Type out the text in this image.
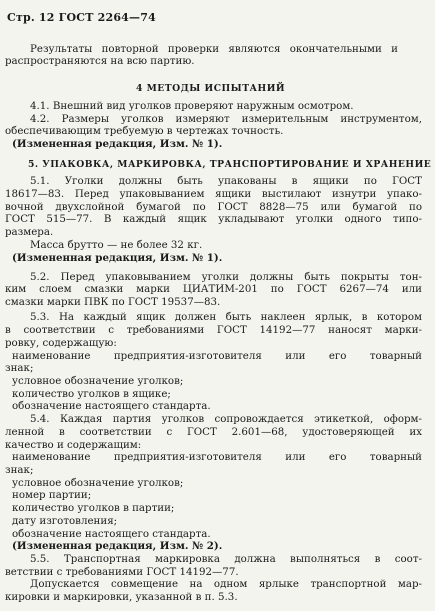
Стр. 12 ГОСТ 2264—74
Результаты повторной проверки являются окончательными и
распространяются на всю партию.
4 МЕТОДЫ ИСПЫТАНИЙ
4.1. Внешний вид уголков проверяют наружным осмотром.
4.2. Размеры уголков измеряют измерительным инструментом,
обеспечивающим требуемую в чертежах точность.
(Измененная редакция, Изм. № 1).
5. УПАКОВКА, МАРКИРОВКА, ТРАНСПОРТИРОВАНИЕ И ХРАНЕНИЕ
5.1. Уголки должны быть упакованы в ящики по ГОСТ
18617—83. Перед упаковыванием ящики выстилают изнутри упако-
вочной двухслойной бумагой по ГОСТ 8828—75 или бумагой по
ГОСТ 515—77. В каждый ящик укладывают уголки одного типо-
размера.
Масса брутто — не более 32 кг.
(Измененная редакция, Изм. № 1).
5.2. Перед упаковыванием уголки должны быть покрыты тон-
ким слоем смазки марки ЦИАТИМ-201 по ГОСТ 6267—74 или
смазки марки ПВК по ГОСТ 19537—83.
5.3. На каждый ящик должен быть наклеен ярлык, в котором
в соответствии с требованиями ГОСТ 14192—77 наносят марки-
ровку, содержащую:
наименование предприятия-изготовителя или его товарный
знак;
условное обозначение уголков;
количество уголков в ящике;
обозначение настоящего стандарта.
5.4. Каждая партия уголков сопровождается этикеткой, оформ-
ленной в соответствии с ГОСТ 2.601—68, удостоверяющей их
качество и содержащим:
наименование предприятия-изготовителя или его товарный
знак;
условное обозначение уголков;
номер партии;
количество уголков в партии;
дату изготовления;
обозначение настоящего стандарта.
(Измененная редакция, Изм. № 2).
5.5. Транспортная маркировка должна выполняться в соот-
ветствии с требованиями ГОСТ 14192—77.
Допускается совмещение на одном ярлыке транспортной мар-
кировки и маркировки, указанной в п. 5.3.
